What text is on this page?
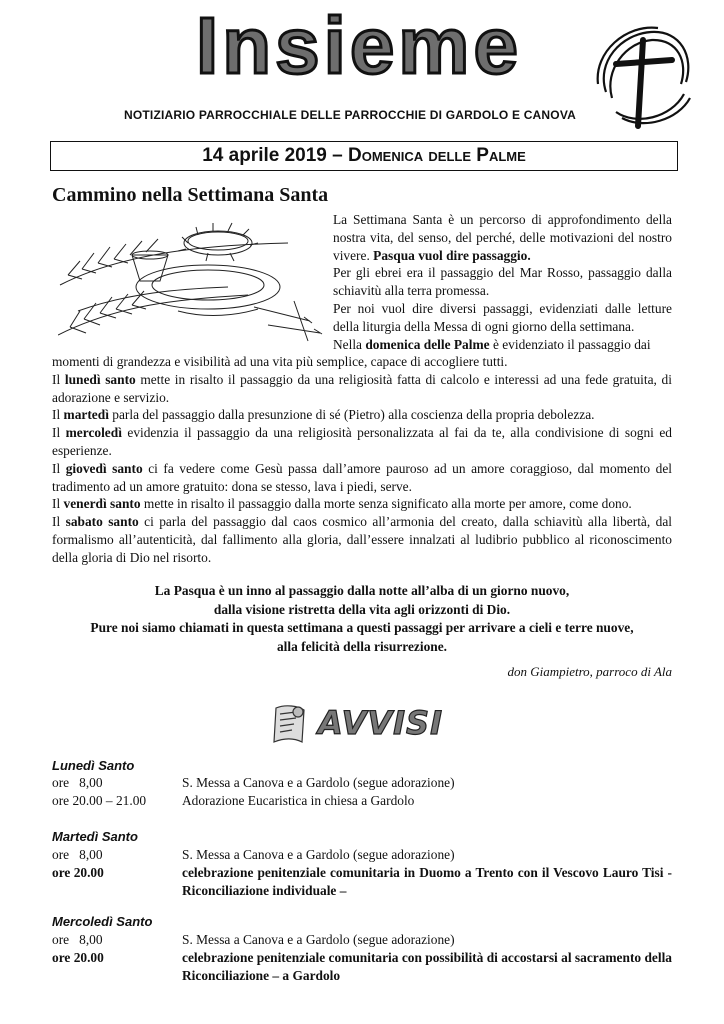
Insieme
NOTIZIARIO PARROCCHIALE DELLE PARROCCHIE DI GARDOLO E CANOVA
14 aprile 2019 – Domenica delle Palme
Cammino nella Settimana Santa

La Settimana Santa è un percorso di approfondimento della nostra vita, del senso, del perché, delle motivazioni del nostro vivere. Pasqua vuol dire passaggio.

Per gli ebrei era il passaggio del Mar Rosso, passaggio dalla schiavitù alla terra promessa.

Per noi vuol dire diversi passaggi, evidenziati dalle letture della liturgia della Messa di ogni giorno della settimana.

Nella domenica delle Palme è evidenziato il passaggio dai

momenti di grandezza e visibilità ad una vita più semplice, capace di accogliere tutti.

Il lunedì santo mette in risalto il passaggio da una religiosità fatta di calcolo e interessi ad una fede gratuita, di adorazione e servizio.

Il martedì parla del passaggio dalla presunzione di sé (Pietro) alla coscienza della propria debolezza.

Il mercoledì evidenzia il passaggio da una religiosità personalizzata al fai da te, alla condivisione di sogni ed esperienze.

Il giovedì santo ci fa vedere come Gesù passa dall’amore pauroso ad un amore coraggioso, dal momento del tradimento ad un amore gratuito: dona se stesso, lava i piedi, serve.

Il venerdì santo mette in risalto il passaggio dalla morte senza significato alla morte per amore, come dono.

Il sabato santo ci parla del passaggio dal caos cosmico all’armonia del creato, dalla schiavitù alla libertà, dal formalismo all’autenticità, dal fallimento alla gloria, dall’essere innalzati al ludibrio pubblico al riconoscimento della gloria di Dio nel risorto.

La Pasqua è un inno al passaggio dalla notte all’alba di un giorno nuovo,
dalla visione ristretta della vita agli orizzonti di Dio.
Pure noi siamo chiamati in questa settimana a questi passaggi per arrivare a cieli e terre nuove,
alla felicità della risurrezione.
don Giampietro, parroco di Ala
AVVISI
Lunedì Santo
ore   8,00	S. Messa a Canova e a Gardolo (segue adorazione)
ore 20.00 – 21.00	Adorazione Eucaristica in chiesa a Gardolo
Martedì Santo
ore   8,00	S. Messa a Canova e a Gardolo (segue adorazione)
ore 20.00	celebrazione penitenziale comunitaria in Duomo a Trento con il Vescovo Lauro Tisi - Riconciliazione individuale –
Mercoledì Santo
ore   8,00	S. Messa a Canova e a Gardolo (segue adorazione)
ore 20.00	celebrazione penitenziale comunitaria con possibilità di accostarsi al sacramento della Riconciliazione – a Gardolo
